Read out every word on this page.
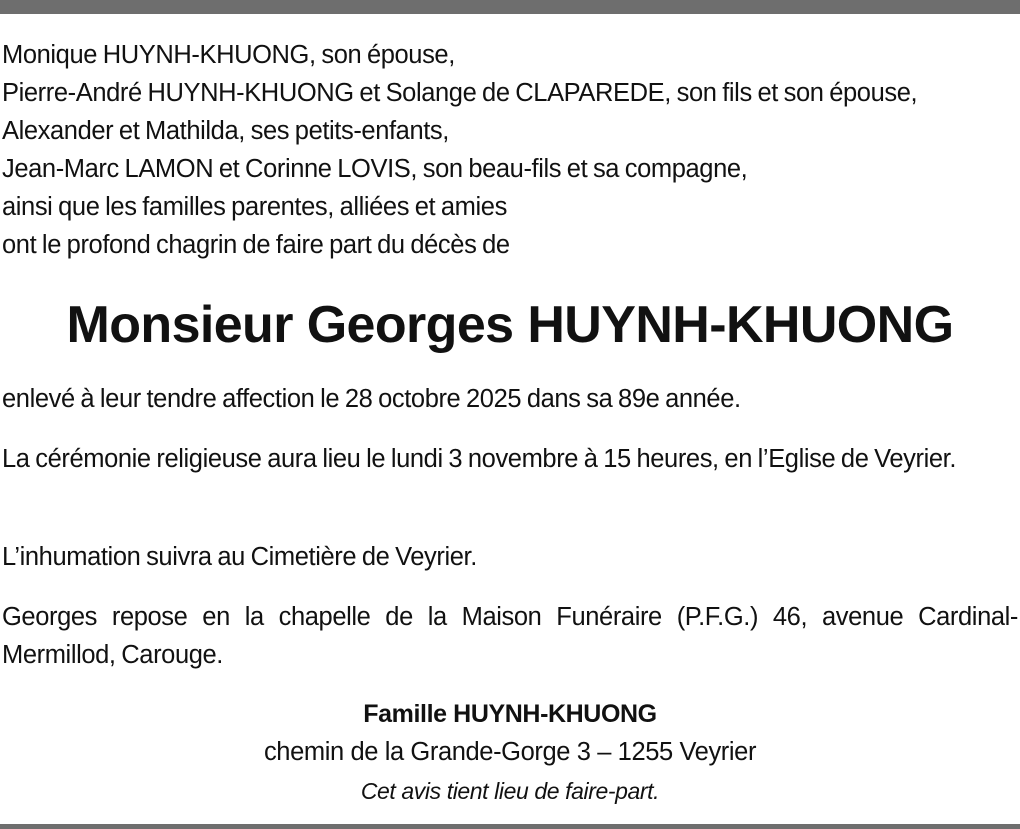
Monique HUYNH-KHUONG, son épouse,
Pierre-André HUYNH-KHUONG et Solange de CLAPAREDE, son fils et son épouse,
Alexander et Mathilda, ses petits-enfants,
Jean-Marc LAMON et Corinne LOVIS, son beau-fils et sa compagne,
ainsi que les familles parentes, alliées et amies
ont le profond chagrin de faire part du décès de
Monsieur Georges HUYNH-KHUONG
enlevé à leur tendre affection le 28 octobre 2025 dans sa 89e année.
La cérémonie religieuse aura lieu le lundi 3 novembre à 15 heures, en l’Eglise de Veyrier.
L’inhumation suivra au Cimetière de Veyrier.
Georges repose en la chapelle de la Maison Funéraire (P.F.G.) 46, avenue Cardinal-Mermillod, Carouge.
Famille HUYNH-KHUONG
chemin de la Grande-Gorge 3 – 1255 Veyrier
Cet avis tient lieu de faire-part.
